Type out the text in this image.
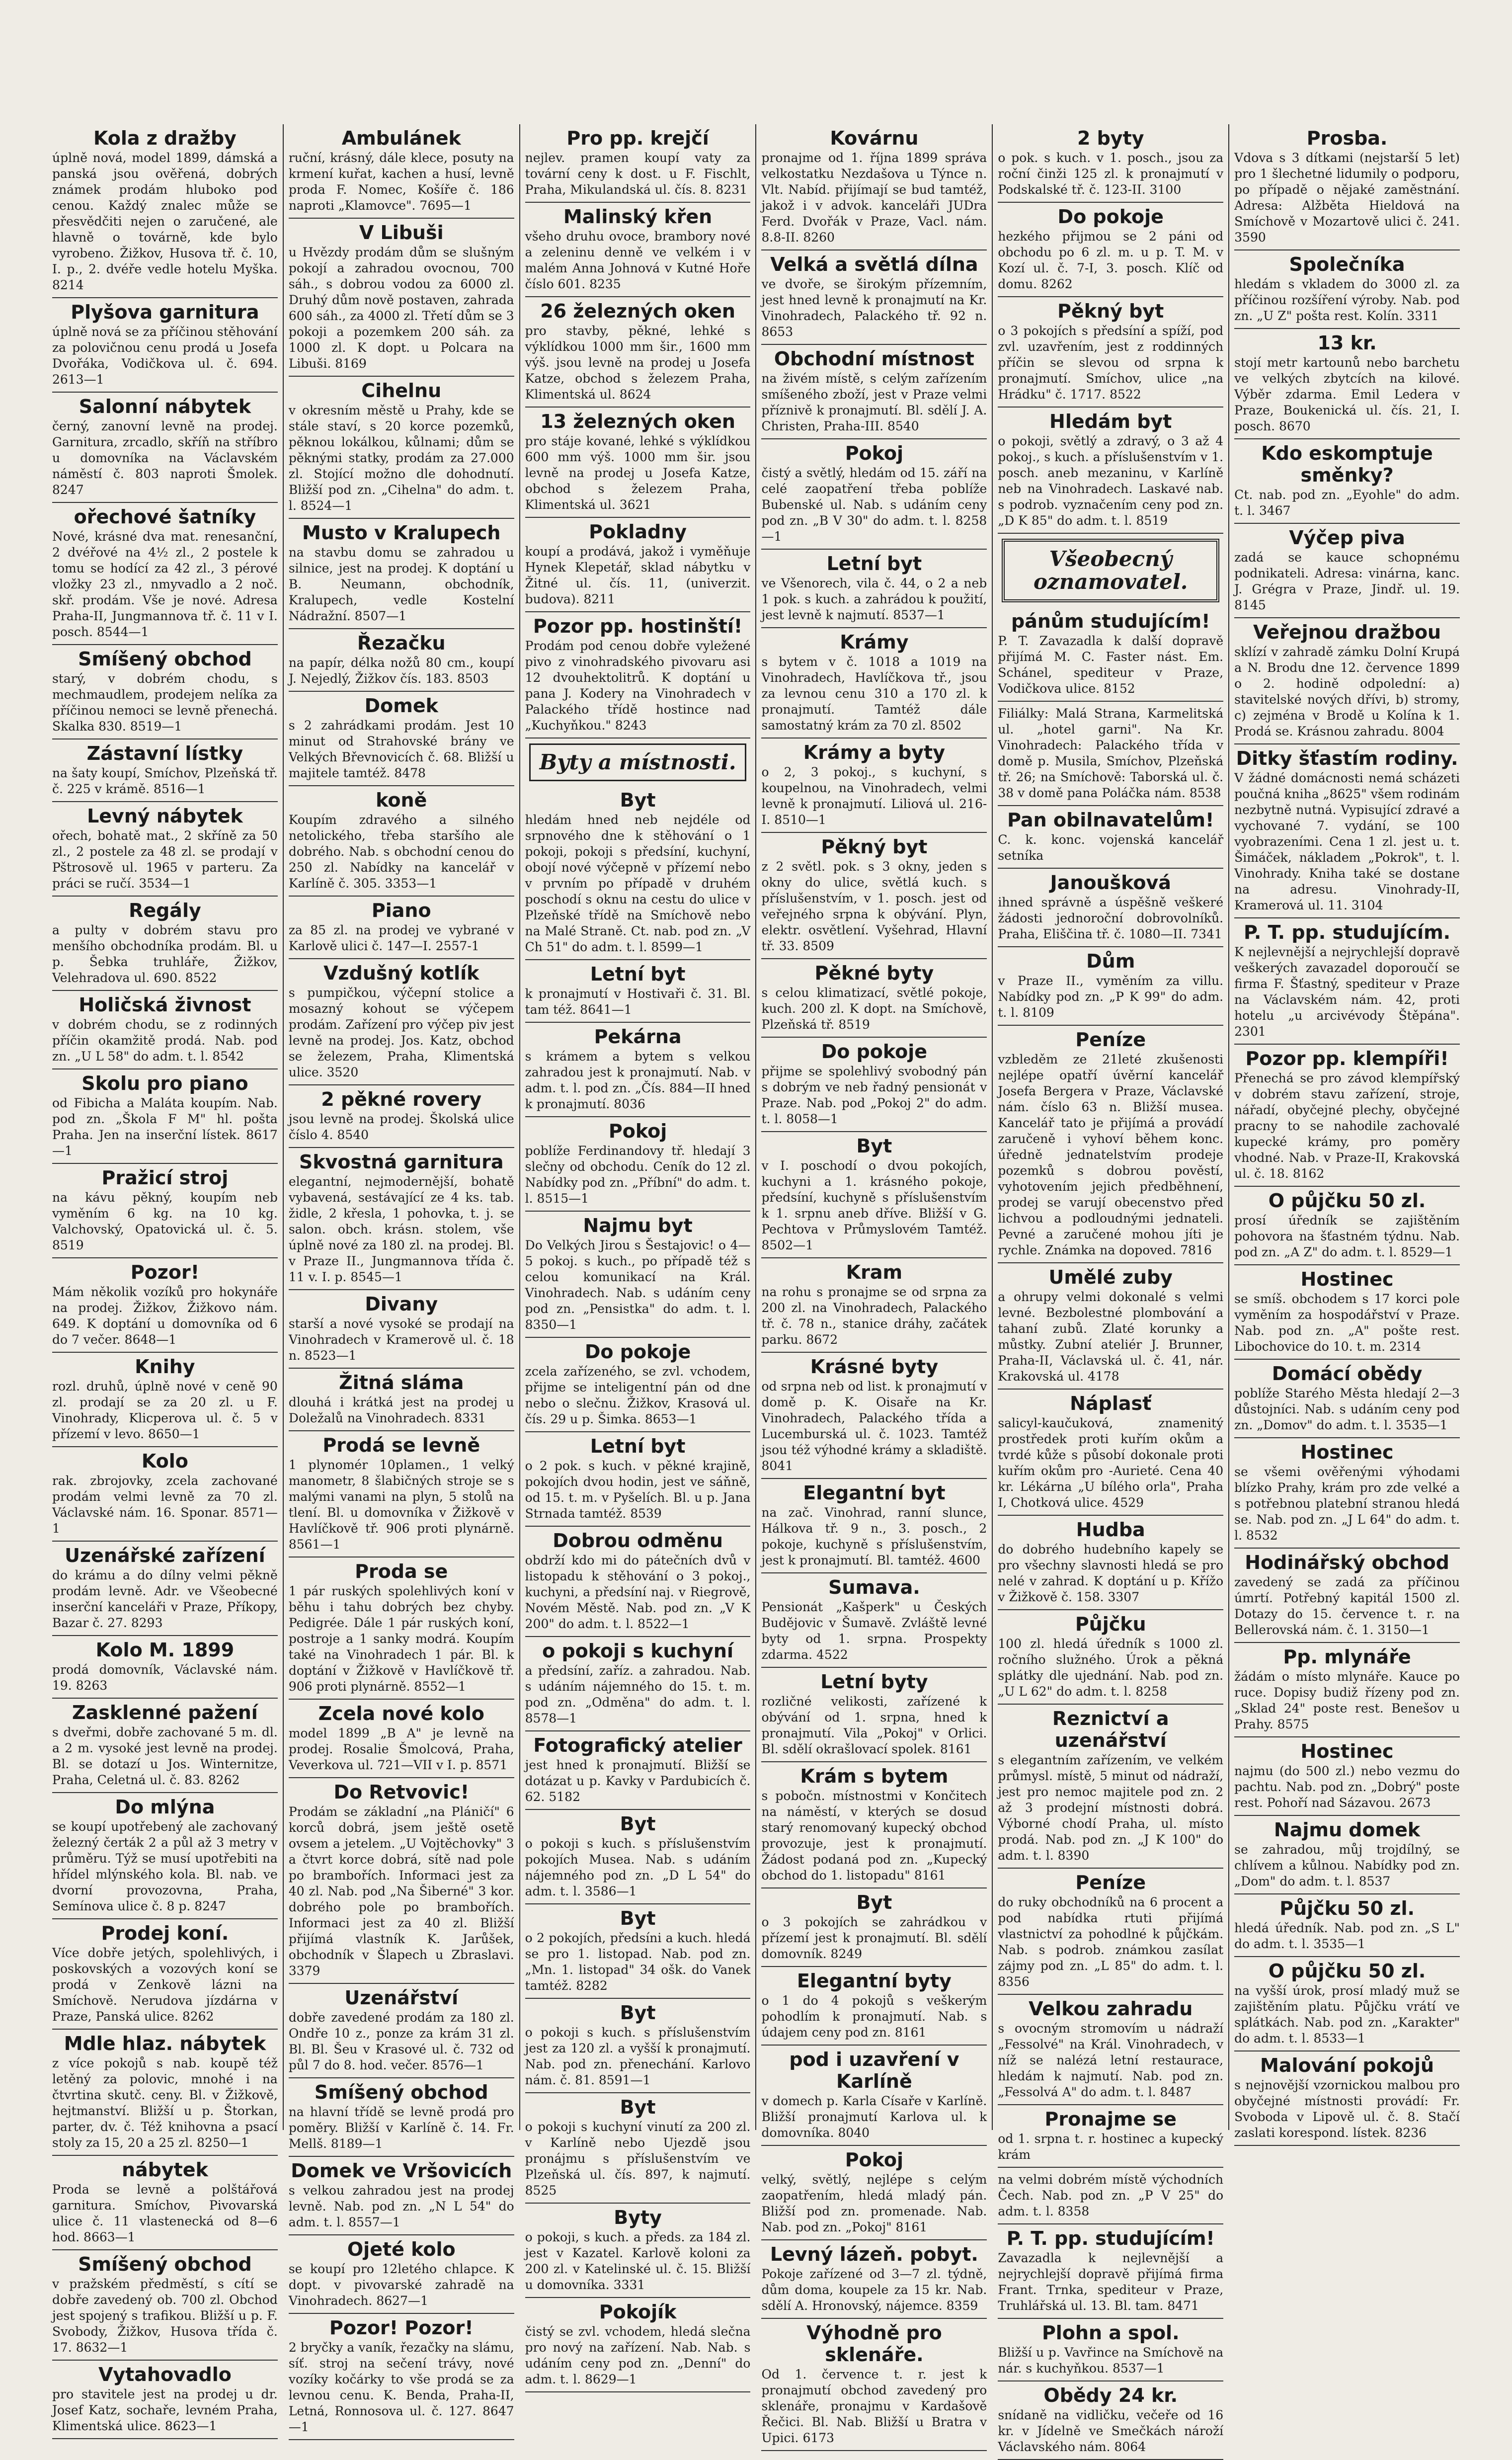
Kola z dražby
úplně nová, model 1899, dámská a panská jsou ověřená, dobrých známek prodám hluboko pod cenou. Každý znalec může se přesvědčiti nejen o zaručené, ale hlavně o továrně, kde bylo vyrobeno. Žižkov, Husova tř. č. 10, I. p., 2. dvéře vedle hotelu Myška. 8214
Plyšova garnitura
úplně nová se za příčinou stěhování za polovičnou cenu prodá u Josefa Dvořáka, Vodičkova ul. č. 694. 2613—1
Salonní nábytek
černý, zanovní levně na prodej. Garnitura, zrcadlo, skříň na stříbro u domovníka na Václavském náměstí č. 803 naproti Šmolek. 8247
ořechové šatníky
Nové, krásné dva mat. renesanční, 2 dvéřové na 4½ zl., 2 postele k tomu se hodící za 42 zl., 3 pérové vložky 23 zl., nmyvadlo a 2 noč. skř. prodám. Vše je nové. Adresa Praha-II, Jungmannova tř. č. 11 v I. posch. 8544—1
Smíšený obchod
starý, v dobrém chodu, s mechmaudlem, prodejem nelíka za příčinou nemoci se levně přenechá. Skalka 830. 8519—1
Zástavní lístky
na šaty koupí, Smíchov, Plzeňská tř. č. 225 v krámě. 8516—1
Levný nábytek
ořech, bohatě mat., 2 skříně za 50 zl., 2 postele za 48 zl. se prodají v Pštrosově ul. 1965 v parteru. Za práci se ručí. 3534—1
Regály
a pulty v dobrém stavu pro menšího obchodníka prodám. Bl. u p. Šebka truhláře, Žižkov, Velehradova ul. 690. 8522
Holičská živnost
v dobrém chodu, se z rodinných příčin okamžitě prodá. Nab. pod zn. „U L 58" do adm. t. l. 8542
Skolu pro piano
od Fibicha a Maláta koupím. Nab. pod zn. „Škola F M" hl. pošta Praha. Jen na inserční lístek. 8617—1
Pražicí stroj
na kávu pěkný, koupím neb vyměním 6 kg. na 10 kg. Valchovský, Opatovická ul. č. 5. 8519
Pozor!
Mám několik vozíků pro hokynáře na prodej. Žižkov, Žižkovo nám. 649. K doptání u domovníka od 6 do 7 večer. 8648—1
Knihy
rozl. druhů, úplně nové v ceně 90 zl. prodají se za 20 zl. u F. Vinohrady, Klicperova ul. č. 5 v přízemí v levo. 8650—1
Kolo
rak. zbrojovky, zcela zachované prodám velmi levně za 70 zl. Václavské nám. 16. Sponar. 8571—1
Uzenářské zařízení
do krámu a do dílny velmi pěkně prodám levně. Adr. ve Všeobecné inserční kanceláři v Praze, Příkopy, Bazar č. 27. 8293
Kolo M. 1899
prodá domovník, Václavské nám. 19. 8263
Zasklenné pažení
s dveřmi, dobře zachované 5 m. dl. a 2 m. vysoké jest levně na prodej. Bl. se dotazí u Jos. Winternitze, Praha, Celetná ul. č. 83. 8262
Do mlýna
se koupí upotřebený ale zachovaný železný čerták 2 a půl až 3 metry v průměru. Týž se musí upotřebiti na hřídel mlýnského kola. Bl. nab. ve dvorní provozovna, Praha, Semínova ulice č. 8 p. 8247
Prodej koní.
Více dobře jetých, spolehlivých, i poskovských a vozových koní se prodá v Zenkově lázni na Smíchově. Nerudova jízdárna v Praze, Panská ulice. 8262
Mdle hlaz. nábytek
z více pokojů s nab. koupě též letěný za polovic, mnohé i na čtvrtina skutč. ceny. Bl. v Žižkově, hejtmanství. Bližší u p. Štorkan, parter, dv. č. Též knihovna a psací stoly za 15, 20 a 25 zl. 8250—1
nábytek
Proda se levně a polštářová garnitura. Smíchov, Pivovarská ulice č. 11 vlastenecká od 8—6 hod. 8663—1
Smíšený obchod
v pražském předměstí, s cítí se dobře zavedený ob. 700 zl. Obchod jest spojený s trafikou. Bližší u p. F. Svobody, Žižkov, Husova třída č. 17. 8632—1
Vytahovadlo
pro stavitele jest na prodej u dr. Josef Katz, sochaře, levném Praha, Klimentská ulice. 8623—1
Ambulánek
ruční, krásný, dále klece, posuty na krmení kuřat, kachen a husí, levně proda F. Nomec, Košíře č. 186 naproti „Klamovce". 7695—1
V Libuši
u Hvězdy prodám dům se slušným pokojí a zahradou ovocnou, 700 sáh., s dobrou vodou za 6000 zl. Druhý dům nově postaven, zahrada 600 sáh., za 4000 zl. Třetí dům se 3 pokoji a pozemkem 200 sáh. za 1000 zl. K dopt. u Polcara na Libuši. 8169
Cihelnu
v okresním městě u Prahy, kde se stále staví, s 20 korce pozemků, pěknou lokálkou, kůlnami; dům se pěknými statky, prodám za 27.000 zl. Stojící možno dle dohodnutí. Bližší pod zn. „Cihelna" do adm. t. l. 8524—1
Musto v Kralupech
na stavbu domu se zahradou u silnice, jest na prodej. K doptání u B. Neumann, obchodník, Kralupech, vedle Kostelní Nádražní. 8507—1
Řezačku
na papír, délka nožů 80 cm., koupí J. Nejedlý, Žižkov čís. 183. 8503
Domek
s 2 zahrádkami prodám. Jest 10 minut od Strahovské brány ve Velkých Břevnovicích č. 68. Bližší u majitele tamtéž. 8478
koně
Koupím zdravého a silného netolického, třeba staršího ale dobrého. Nab. s obchodní cenou do 250 zl. Nabídky na kancelář v Karlíně č. 305. 3353—1
Piano
za 85 zl. na prodej ve vybrané v Karlově ulici č. 147—I. 2557-1
Vzdušný kotlík
s pumpičkou, výčepní stolice a mosazný kohout se výčepem prodám. Zařízení pro výčep piv jest levně na prodej. Jos. Katz, obchod se železem, Praha, Klimentská ulice. 3520
2 pěkné rovery
jsou levně na prodej. Školská ulice číslo 4. 8540
Skvostná garnitura
elegantní, nejmodernější, bohatě vybavená, sestávající ze 4 ks. tab. židle, 2 křesla, 1 pohovka, t. j. se salon. obch. krásn. stolem, vše úplně nové za 180 zl. na prodej. Bl. v Praze II., Jungmannova třída č. 11 v. I. p. 8545—1
Divany
starší a nové vysoké se prodají na Vinohradech v Kramerově ul. č. 18 n. 8523—1
Žitná sláma
dlouhá i krátká jest na prodej u Doležalů na Vinohradech. 8331
Prodá se levně
1 plynomér 10plamen., 1 velký manometr, 8 šlabičných stroje se s malými vanami na plyn, 5 stolů na tlení. Bl. u domovníka v Žižkově v Havlíčkově tř. 906 proti plynárně. 8561—1
Proda se
1 pár ruských spolehlivých koní v běhu i tahu dobrých bez chyby. Pedigrée. Dále 1 pár ruských koní, postroje a 1 sanky modrá. Koupím také na Vinohradech 1 pár. Bl. k doptání v Žižkově v Havlíčkově tř. 906 proti plynárně. 8552—1
Zcela nové kolo
model 1899 „B A" je levně na prodej. Rosalie Šmolcová, Praha, Veverkova ul. 721—VII v I. p. 8571
Do Retvovic!
Prodám se základní „na Pláničí" 6 korců dobrá, jsem ještě osetě ovsem a jetelem. „U Vojtěchovky" 3 a čtvrt korce dobrá, sítě nad pole po brambořích. Informaci jest za 40 zl. Nab. pod „Na Šiberné" 3 kor. dobrého pole po brambořích. Informaci jest za 40 zl. Bližší přijímá vlastník K. Jarůšek, obchodník v Šlapech u Zbraslavi. 3379
Uzenářství
dobře zavedené prodám za 180 zl. Ondře 10 z., ponze za krám 31 zl. Bl. Bl. Šeu v Krasové ul. č. 732 od půl 7 do 8. hod. večer. 8576—1
Smíšený obchod
na hlavní třídě se levně prodá pro poměry. Bližší v Karlíně č. 14. Fr. Mellš. 8189—1
Domek ve Vršovicích
s velkou zahradou jest na prodej levně. Nab. pod zn. „N L 54" do adm. t. l. 8557—1
Ojeté kolo
se koupí pro 12letého chlapce. K dopt. v pivovarské zahradě na Vinohradech. 8627—1
Pozor! Pozor!
2 bryčky a vaník, řezačky na slámu, síť. stroj na sečení trávy, nové vozíky kočárky to vše prodá se za levnou cenu. K. Benda, Praha-II, Letná, Ronnosova ul. č. 127. 8647—1
Pro pp. krejčí
nejlev. pramen koupí vaty za tovární ceny k dost. u F. Fischlt, Praha, Mikulandská ul. čís. 8. 8231
Malinský křen
všeho druhu ovoce, brambory nové a zeleninu denně ve velkém i v malém Anna Johnová v Kutné Hoře číslo 601. 8235
26 železných oken
pro stavby, pěkné, lehké s výklídkou 1000 mm šir., 1600 mm výš. jsou levně na prodej u Josefa Katze, obchod s železem Praha, Klimentská ul. 8624
13 železných oken
pro stáje kované, lehké s výklídkou 600 mm výš. 1000 mm šir. jsou levně na prodej u Josefa Katze, obchod s železem Praha, Klimentská ul. 3621
Pokladny
koupí a prodává, jakož i vyměňuje Hynek Klepetář, sklad nábytku v Žitné ul. čís. 11, (univerzit. budova). 8211
Pozor pp. hostinští!
Prodám pod cenou dobře vyležené pivo z vinohradského pivovaru asi 12 dvouhektolitrů. K doptání u pana J. Kodery na Vinohradech v Palackého třídě hostince nad „Kuchyňkou." 8243
Byty a místnosti.
Byt
hledám hned neb nejdéle od srpnového dne k stěhování o 1 pokoji, pokoji s předsíní, kuchyní, obojí nové výčepně v přízemí nebo v prvním po případě v druhém poschodí s oknu na cestu do ulice v Plzeňské třídě na Smíchově nebo na Malé Straně. Ct. nab. pod zn. „V Ch 51" do adm. t. l. 8599—1
Letní byt
k pronajmutí v Hostivaři č. 31. Bl. tam též. 8641—1
Pekárna
s krámem a bytem s velkou zahradou jest k pronajmutí. Nab. v adm. t. l. pod zn. „Čís. 884—II hned k pronajmutí. 8036
Pokoj
poblíže Ferdinandovy tř. hledají 3 slečny od obchodu. Ceník do 12 zl. Nabídky pod zn. „Příbní" do adm. t. l. 8515—1
Najmu byt
Do Velkých Jirou s Šestajovic! o 4—5 pokoj. s kuch., po případě též s celou komunikací na Král. Vinohradech. Nab. s udáním ceny pod zn. „Pensistka" do adm. t. l. 8350—1
Do pokoje
zcela zařízeného, se zvl. vchodem, přijme se inteligentní pán od dne nebo o slečnu. Žižkov, Krasová ul. čís. 29 u p. Šimka. 8653—1
Letní byt
o 2 pok. s kuch. v pěkné krajině, pokojích dvou hodin, jest ve sáňně, od 15. t. m. v Pyšelích. Bl. u p. Jana Strnada tamtéž. 8539
Dobrou odměnu
obdrží kdo mi do pátečních dvů v listopadu k stěhování o 3 pokoj., kuchyni, a předsíní naj. v Riegrově, Novém Městě. Nab. pod zn. „V K 200" do adm. t. l. 8522—1
o pokoji s kuchyní
a předsíní, zaříz. a zahradou. Nab. s udáním nájemného do 15. t. m. pod zn. „Odměna" do adm. t. l. 8578—1
Fotografický atelier
jest hned k pronajmutí. Bližší se dotázat u p. Kavky v Pardubicích č. 62. 5182
Byt
o pokoji s kuch. s příslušenstvím pokojích Musea. Nab. s udáním nájemného pod zn. „D L 54" do adm. t. l. 3586—1
Byt
o 2 pokojích, předsíni a kuch. hledá se pro 1. listopad. Nab. pod zn. „Mn. 1. listopad" 34 ošk. do Vanek tamtéž. 8282
Byt
o pokoji s kuch. s příslušenstvím jest za 120 zl. a vyšší k pronajmutí. Nab. pod zn. přenechání. Karlovo nám. č. 81. 8591—1
Byt
o pokoji s kuchyní vinutí za 200 zl. v Karlíně nebo Ujezdě jsou pronájmu s příslušenstvím ve Plzeňská ul. čís. 897, k najmutí. 8525
Byty
o pokoji, s kuch. a předs. za 184 zl. jest v Kazatel. Karlově koloni za 200 zl. v Katelinské ul. č. 15. Bližší u domovníka. 3331
Pokojík
čistý se zvl. vchodem, hledá slečna pro nový na zařízení. Nab. Nab. s udáním ceny pod zn. „Denní" do adm. t. l. 8629—1
Kovárnu
pronajme od 1. října 1899 správa velkostatku Nezdašova u Týnce n. Vlt. Nabíd. přijímají se bud tamtéž, jakož i v advok. kanceláři JUDra Ferd. Dvořák v Praze, Vacl. nám. 8.8-II. 8260
Velká a světlá dílna
ve dvoře, se širokým přízemním, jest hned levně k pronajmutí na Kr. Vinohradech, Palackého tř. 92 n. 8653
Obchodní místnost
na živém místě, s celým zařízením smíšeného zboží, jest v Praze velmi příznivě k pronajmutí. Bl. sdělí J. A. Christen, Praha-III. 8540
Pokoj
čistý a světlý, hledám od 15. září na celé zaopatření třeba poblíže Bubenské ul. Nab. s udáním ceny pod zn. „B V 30" do adm. t. l. 8258—1
Letní byt
ve Všenorech, vila č. 44, o 2 a neb 1 pok. s kuch. a zahrádou k použití, jest levně k najmutí. 8537—1
Krámy
s bytem v č. 1018 a 1019 na Vinohradech, Havlíčkova tř., jsou za levnou cenu 310 a 170 zl. k pronajmutí. Tamtéž dále samostatný krám za 70 zl. 8502
Krámy a byty
o 2, 3 pokoj., s kuchyní, s koupelnou, na Vinohradech, velmi levně k pronajmutí. Liliová ul. 216-I. 8510—1
Pěkný byt
z 2 světl. pok. s 3 okny, jeden s okny do ulice, světlá kuch. s příslušenstvím, v 1. posch. jest od veřejného srpna k obývání. Plyn, elektr. osvětlení. Vyšehrad, Hlavní tř. 33. 8509
Pěkné byty
s celou klimatizací, světlé pokoje, kuch. 200 zl. K dopt. na Smíchově, Plzeňská tř. 8519
Do pokoje
přijme se spolehlivý svobodný pán s dobrým ve neb řadný pensionát v Praze. Nab. pod „Pokoj 2" do adm. t. l. 8058—1
Byt
v I. poschodí o dvou pokojích, kuchyni a 1. krásného pokoje, předsíní, kuchyně s příslušenstvím k 1. srpnu aneb dříve. Bližší v G. Pechtova v Průmyslovém Tamtéž. 8502—1
Kram
na rohu s pronajme se od srpna za 200 zl. na Vinohradech, Palackého tř. č. 78 n., stanice dráhy, začátek parku. 8672
Krásné byty
od srpna neb od list. k pronajmutí v domě p. K. Oisaře na Kr. Vinohradech, Palackého třída a Lucemburská ul. č. 1023. Tamtéž jsou též výhodné krámy a skladiště. 8041
Elegantní byt
na zač. Vinohrad, ranní slunce, Hálkova tř. 9 n., 3. posch., 2 pokoje, kuchyně s příslušenstvím, jest k pronajmutí. Bl. tamtéž. 4600
Sumava.
Pensionát „Kašperk" u Českých Budějovic v Šumavě. Zvláště levné byty od 1. srpna. Prospekty zdarma. 4522
Letní byty
rozličné velikosti, zařízené k obývání od 1. srpna, hned k pronajmutí. Vila „Pokoj" v Orlici. Bl. sdělí okrašlovací spolek. 8161
Krám s bytem
s pobočn. místnostmi v Končitech na náměstí, v kterých se dosud starý renomovaný kupecký obchod provozuje, jest k pronajmutí. Žádost podaná pod zn. „Kupecký obchod do 1. listopadu" 8161
Byt
o 3 pokojích se zahrádkou v přízemí jest k pronajmutí. Bl. sdělí domovník. 8249
Elegantní byty
o 1 do 4 pokojů s veškerým pohodlím k pronajmutí. Nab. s údajem ceny pod zn. 8161
pod i uzavření v Karlíně
v domech p. Karla Císaře v Karlíně. Bližší pronajmutí Karlova ul. k domovníka. 8040
Pokoj
velký, světlý, nejlépe s celým zaopatřením, hledá mladý pán. Bližší pod zn. promenade. Nab. Nab. pod zn. „Pokoj" 8161
Levný lázeň. pobyt.
Pokoje zařízené od 3—7 zl. týdně, dům doma, koupele za 15 kr. Nab. sdělí A. Hronovský, nájemce. 8359
Výhodně pro sklenáře.
Od 1. července t. r. jest k pronajmutí obchod zavedený pro sklenáře, pronajmu v Kardašově Řečici. Bl. Nab. Bližší u Bratra v Upici. 6173
2 byty
o pok. s kuch. v 1. posch., jsou za roční činži 125 zl. k pronajmutí v Podskalské tř. č. 123-II. 3100
Do pokoje
hezkého přijmou se 2 páni od obchodu po 6 zl. m. u p. T. M. v Kozí ul. č. 7-I, 3. posch. Klíč od domu. 8262
Pěkný byt
o 3 pokojích s předsíní a spíží, pod zvl. uzavřením, jest z roddinných příčin se slevou od srpna k pronajmutí. Smíchov, ulice „na Hrádku" č. 1717. 8522
Hledám byt
o pokoji, světlý a zdravý, o 3 až 4 pokoj., s kuch. a příslušenstvím v 1. posch. aneb mezaninu, v Karlíně neb na Vinohradech. Laskavé nab. s podrob. vyznačením ceny pod zn. „D K 85" do adm. t. l. 8519
Všeobecný oznamovatel.
pánům studujícím!
P. T. Zavazadla k další dopravě přijímá M. C. Faster nást. Em. Schánel, spediteur v Praze, Vodičkova ulice. 8152
Filiálky: Malá Strana, Karmelitská ul. „hotel garni". Na Kr. Vinohradech: Palackého třída v domě p. Musila, Smíchov, Plzeňská tř. 26; na Smíchově: Taborská ul. č. 38 v domě pana Poláčka nám. 8538
Pan obilnavatelům!
C. k. konc. vojenská kancelář setníka
Janoušková
ihned správně a úspěšně veškeré žádosti jednoroční dobrovolníků. Praha, Eliščina tř. č. 1080—II. 7341
Dům
v Praze II., vyměním za villu. Nabídky pod zn. „P K 99" do adm. t. l. 8109
Peníze
vzbleděm ze 21leté zkušenosti nejlépe opatří úvěrní kancelář Josefa Bergera v Praze, Václavské nám. číslo 63 n. Bližší musea. Kancelář tato je přijímá a provádí zaručeně i vyhoví během konc. úředně jednatelstvím prodeje pozemků s dobrou pověstí, vyhotovením jejich předběhnení, prodej se varují obecenstvo před lichvou a podloudnými jednateli. Pevné a zaručené mohou jíti je rychle. Známka na dopoved. 7816
Umělé zuby
a ohrupy velmi dokonalé s velmi levné. Bezbolestné plombování a tahaní zubů. Zlaté korunky a můstky. Zubní ateliér J. Brunner, Praha-II, Václavská ul. č. 41, nár. Krakovská ul. 4178
Náplasť
salicyl-kaučuková, znamenitý prostředek proti kuřím okům a tvrdé kůže s působí dokonale proti kuřím okům pro -Aurieté. Cena 40 kr. Lékárna „U bílého orla", Praha I, Chotková ulice. 4529
Hudba
do dobrého hudebního kapely se pro všechny slavnosti hledá se pro nelé v zahrad. K doptání u p. Křížo v Žižkově č. 158. 3307
Půjčku
100 zl. hledá úředník s 1000 zl. ročního služného. Úrok a pěkná splátky dle ujednání. Nab. pod zn. „U L 62" do adm. t. l. 8258
Reznictví a uzenářství
s elegantním zařízením, ve velkém průmysl. místě, 5 minut od nádraží, jest pro nemoc majitele pod zn. 2 až 3 prodejní místnosti dobrá. Výborné chodí Praha, ul. místo prodá. Nab. pod zn. „J K 100" do adm. t. l. 8390
Peníze
do ruky obchodníků na 6 procent a pod nabídka rtuti přijímá vlastnictví za pohodlné k půjčkám. Nab. s podrob. známkou zasílat zájmy pod zn. „L 85" do adm. t. l. 8356
Velkou zahradu
s ovocným stromovím u nádraží „Fessolvé" na Král. Vinohradech, v níž se nalézá letní restaurace, hledám k najmutí. Nab. pod zn. „Fessolvá A" do adm. t. l. 8487
Pronajme se
od 1. srpna t. r. hostinec a kupecký krám
na velmi dobrém místě východních Čech. Nab. pod zn. „P V 25" do adm. t. l. 8358
P. T. pp. studujícím!
Zavazadla k nejlevnější a nejrychlejší dopravě přijímá firma Frant. Trnka, spediteur v Praze, Truhlářská ul. 13. Bl. tam. 8471
Plohn a spol.
Bližší u p. Vavřince na Smíchově na nár. s kuchyňkou. 8537—1
Obědy 24 kr.
snídaně na vidličku, večeře od 16 kr. v Jídelně ve Smečkách nároží Václavského nám. 8064
Prosba.
Vdova s 3 dítkami (nejstarší 5 let) pro 1 šlechetné lidumily o podporu, po případě o nějaké zaměstnání. Adresa: Alžběta Hieldová na Smíchově v Mozartově ulici č. 241. 3590
Společníka
hledám s vkladem do 3000 zl. za příčinou rozšíření výroby. Nab. pod zn. „U Z" pošta rest. Kolín. 3311
13 kr.
stojí metr kartounů nebo barchetu ve velkých zbytcích na kilové. Výběr zdarma. Emil Ledera v Praze, Boukenická ul. čís. 21, I. posch. 8670
Kdo eskomptuje směnky?
Ct. nab. pod zn. „Eyohle" do adm. t. l. 3467
Výčep piva
zadá se kauce schopnému podnikateli. Adresa: vinárna, kanc. J. Grégra v Praze, Jindř. ul. 19. 8145
Veřejnou dražbou
sklízí v zahradě zámku Dolní Krupá a N. Brodu dne 12. července 1899 o 2. hodině odpolední: a) stavitelské nových dřívi, b) stromy, c) zejména v Brodě u Kolína k 1. Prodá se. Krásnou zahradu. 8004
Ditky šťastím rodiny.
V žádné domácnosti nemá scházeti poučná kniha „8625" všem rodinám nezbytně nutná. Vypisující zdravé a vychované 7. vydání, se 100 vyobrazeními. Cena 1 zl. jest u. t. Šimáček, nákladem „Pokrok", t. l. Vinohrady. Kniha také se dostane na adresu. Vinohrady-II, Kramerová ul. 11. 3104
P. T. pp. studujícím.
K nejlevnější a nejrychlejší dopravě veškerých zavazadel doporoučí se firma F. Šťastný, spediteur v Praze na Václavském nám. 42, proti hotelu „u arcivévody Štěpána". 2301
Pozor pp. klempíři!
Přenechá se pro závod klempířský v dobrém stavu zařízení, stroje, nářadí, obyčejné plechy, obyčejné pracny to se nahodile zachovalé kupecké krámy, pro poměry vhodné. Nab. v Praze-II, Krakovská ul. č. 18. 8162
O půjčku 50 zl.
prosí úředník se zajištěním pohovora na šťastném týdnu. Nab. pod zn. „A Z" do adm. t. l. 8529—1
Hostinec
se smíš. obchodem s 17 korci pole vyměním za hospodářství v Praze. Nab. pod zn. „A" pošte rest. Libochovice do 10. t. m. 2314
Domácí obědy
poblíže Starého Města hledají 2—3 důstojníci. Nab. s udáním ceny pod zn. „Domov" do adm. t. l. 3535—1
Hostinec
se všemi ověřenými výhodami blízko Prahy, krám pro zde velké a s potřebnou platební stranou hledá se. Nab. pod zn. „J L 64" do adm. t. l. 8532
Hodinářský obchod
zavedený se zadá za příčinou úmrtí. Potřebný kapitál 1500 zl. Dotazy do 15. července t. r. na Bellerovská nám. č. 1. 3150—1
Pp. mlynáře
žádám o místo mlynáře. Kauce po ruce. Dopisy budiž řízeny pod zn. „Sklad 24" poste rest. Benešov u Prahy. 8575
Hostinec
najmu (do 500 zl.) nebo vezmu do pachtu. Nab. pod zn. „Dobrý" poste rest. Pohoří nad Sázavou. 2673
Najmu domek
se zahradou, můj trojdílný, se chlívem a kůlnou. Nabídky pod zn. „Dom" do adm. t. l. 8537
Půjčku 50 zl.
hledá úředník. Nab. pod zn. „S L" do adm. t. l. 3535—1
O půjčku 50 zl.
na vyšší úrok, prosí mladý muž se zajištěním platu. Půjčku vrátí ve splátkách. Nab. pod zn. „Karakter" do adm. t. l. 8533—1
Malování pokojů
s nejnovější vzornickou malbou pro obyčejné místnosti provádí: Fr. Svoboda v Lipově ul. č. 8. Stačí zaslati korespond. lístek. 8236
